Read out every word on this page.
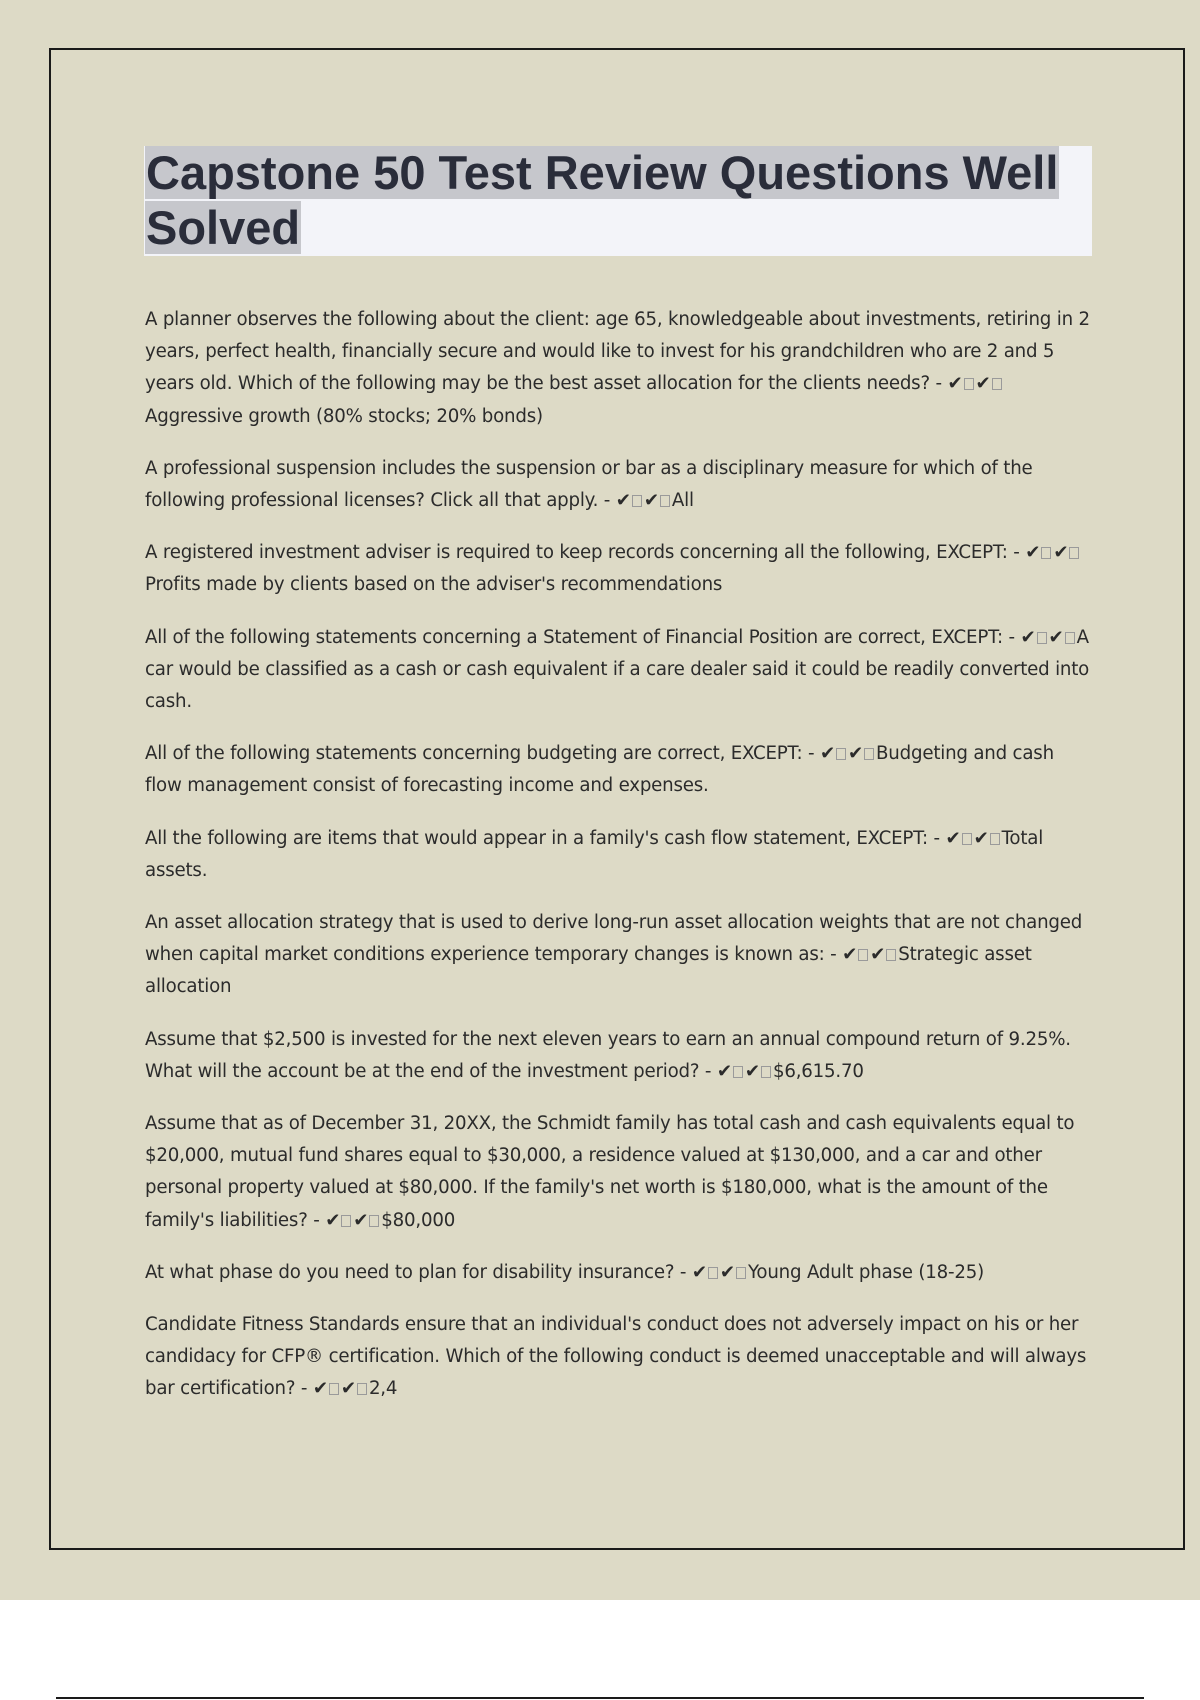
Capstone 50 Test Review Questions Well
Solved
A planner observes the following about the client: age 65, knowledgeable about investments, retiring in 2 years, perfect health, financially secure and would like to invest for his grandchildren who are 2 and 5 years old. Which of the following may be the best asset allocation for the clients needs? - ✔ ✔Aggressive growth (80% stocks; 20% bonds)
A professional suspension includes the suspension or bar as a disciplinary measure for which of the following professional licenses? Click all that apply. - ✔ ✔ All
A registered investment adviser is required to keep records concerning all the following, EXCEPT: - ✔ ✔Profits made by clients based on the adviser's recommendations
All of the following statements concerning a Statement of Financial Position are correct, EXCEPT: - ✔ ✔ A car would be classified as a cash or cash equivalent if a care dealer said it could be readily converted into cash.
All of the following statements concerning budgeting are correct, EXCEPT: - ✔ ✔ Budgeting and cash flow management consist of forecasting income and expenses.
All the following are items that would appear in a family's cash flow statement, EXCEPT: - ✔ ✔ Total assets.
An asset allocation strategy that is used to derive long-run asset allocation weights that are not changed when capital market conditions experience temporary changes is known as: - ✔ ✔ Strategic asset allocation
Assume that $2,500 is invested for the next eleven years to earn an annual compound return of 9.25%. What will the account be at the end of the investment period? - ✔ ✔ $6,615.70
Assume that as of December 31, 20XX, the Schmidt family has total cash and cash equivalents equal to $20,000, mutual fund shares equal to $30,000, a residence valued at $130,000, and a car and other personal property valued at $80,000. If the family's net worth is $180,000, what is the amount of the family's liabilities? - ✔ ✔ $80,000
At what phase do you need to plan for disability insurance? - ✔ ✔ Young Adult phase (18-25)
Candidate Fitness Standards ensure that an individual's conduct does not adversely impact on his or her candidacy for CFP® certification. Which of the following conduct is deemed unacceptable and will always bar certification? - ✔ ✔ 2,4
